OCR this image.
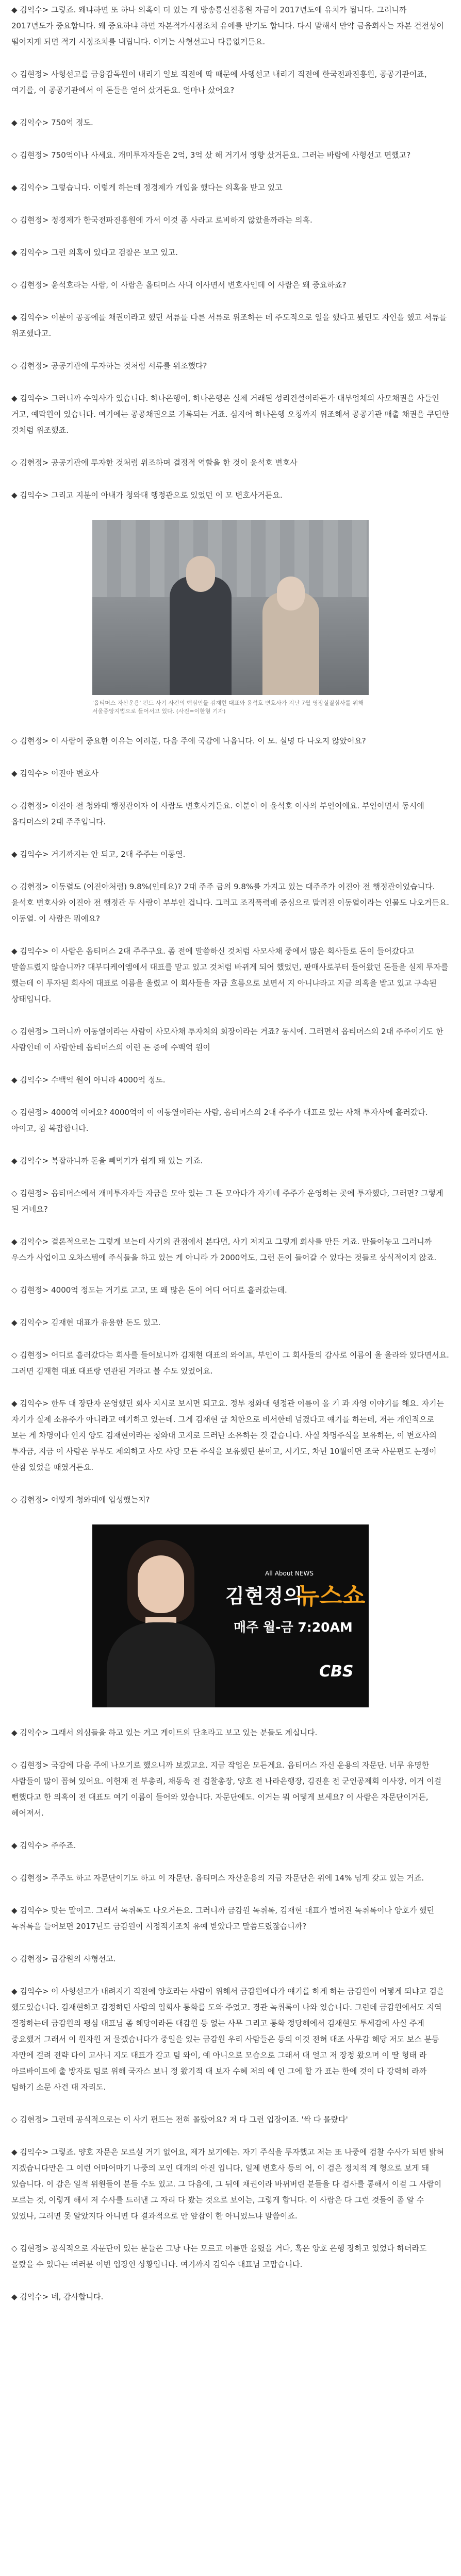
◆ 김익수> 그렇죠. 왜냐하면 또 하나 의혹이 더 있는 게 방송통신진흥원 자금이 2017년도에 유치가 됩니다. 그러니까 2017년도가 중요합니다. 왜 중요하냐 하면 자본적가시점조치 유예를 받기도 합니다. 다시 말해서 만약 금융회사는 자본 건전성이 떨어지게 되면 적기 시정조치를 내립니다. 이거는 사형선고나 다름없거든요.

◇ 김현정> 사형선고를 금융감독원이 내리기 일보 직전에 딱 때문에 사행선고 내리기 직전에 한국전파진흥원, 공공기관이죠, 여기를, 이 공공기관에서 이 돈들을 얻어 샀거든요. 얼마나 샀어요?

◆ 김익수> 750억 정도.

◇ 김현정> 750억이나 사세요. 개미투자자들은 2억, 3억 샀 해 거기서 영향 샀거든요. 그러는 바람에 사형선고 면했고?

◆ 김익수> 그렇습니다. 이렇게 하는데 정경제가 개입을 했다는 의혹을 받고 있고

◇ 김현정> 정경제가 한국전파진흥원에 가서 이것 좀 사라고 로비하지 않았을까라는 의혹.

◆ 김익수> 그런 의혹이 있다고 검찰은 보고 있고.

◇ 김현정> 윤석호라는 사람, 이 사람은 옵티머스 사내 이사면서 변호사인데 이 사람은 왜 중요하죠?

◆ 김익수> 이분이 공공에를 채권이라고 했던 서류를 다른 서류로 위조하는 데 주도적으로 일을 했다고 봤던도 자인을 했고 서류를 위조했다고.

◇ 김현정> 공공기관에 투자하는 것처럼 서류를 위조했다?

◆ 김익수> 그러니까 수익사가 있습니다. 하나은행이, 하나은행은 실제 거래된 성리건설이라든가 대부업체의 사모채권을 사들인 거고, 예탁원이 있습니다. 여기에는 공공채권으로 기록되는 거죠. 심지어 하나은행 오칭까지 위조해서 공공기관 매출 채권을 쿠딘한 것처럼 위조했죠.

◇ 김현정> 공공기관에 투자한 것처럼 위조하며 결정적 역할을 한 것이 윤석호 변호사

◆ 김익수> 그리고 지분이 아내가 청와대 행정관으로 있었던 이 모 변호사거든요.

'옵티머스 자산운용' 펀드 사기 사건의 핵심인물 김재현 대표와 윤석호 변호사가 지난 7월 영장실질심사를 위해 서울중앙지법으로 들어서고 있다. (사진=이한형 기자)

◇ 김현정> 이 사람이 중요한 이유는 여러분, 다음 주에 국감에 나옵니다. 이 모. 실명 다 나오지 않았어요?

◆ 김익수> 이진아 변호사

◇ 김현정> 이진아 전 청와대 행정관이자 이 사람도 변호사거든요. 이분이 이 윤석호 이사의 부인이에요. 부인이면서 동시에 옵티머스의 2대 주주입니다.

◆ 김익수> 거기까지는 안 되고, 2대 주주는 이동열.

◇ 김현정> 이동렬도 (이진아처럼) 9.8%(인데요)? 2대 주주 금의 9.8%를 가지고 있는 대주주가 이진아 전 행정관이었습니다. 윤석호 변호사와 이진아 전 행정관 두 사람이 부부인 겁니다. 그러고 조직폭력배 중심으로 말려진 이동열이라는 인물도 나오거든요. 이동열. 이 사람은 뭐예요?

◆ 김익수> 이 사람은 옵티머스 2대 주주구요. 좀 전에 말씀하신 것처럼 사모사채 중에서 많은 회사들로 돈이 들어갔다고 말씀드렸지 않습니까? 대부디케이엠에서 대표를 맡고 있고 것처럼 바뀌게 되어 했었던, 판매사로부터 들어왔던 돈들을 실제 투자를 했는데 이 투자된 회사에 대표로 이름을 올렸고 이 회사들을 자금 흐름으로 보면서 지 아니냐라고 지금 의혹을 받고 있고 구속된 상태입니다.

◇ 김현정> 그러니까 이동열이라는 사람이 사모사채 투자처의 회장이라는 거죠? 동시에. 그러면서 옵티머스의 2대 주주이기도 한 사람인데 이 사람한테 옵티머스의 이런 돈 중에 수백억 원이

◆ 김익수> 수백억 원이 아니라 4000억 정도.

◇ 김현정> 4000억 이에요? 4000억이 이 이동열이라는 사람, 옵티머스의 2대 주주가 대표로 있는 사채 투자사에 흘러갔다. 아이고, 참 복잡합니다.

◆ 김익수> 복잡하니까 돈을 빼먹기가 쉽게 돼 있는 거죠.

◇ 김현정> 옵티머스에서 개미투자자들 자금을 모아 있는 그 돈 모아다가 자기네 주주가 운영하는 곳에 투자했다, 그러면? 그렇게 된 거네요?

◆ 김익수> 결론적으로는 그렇게 보는데 사기의 관점에서 본다면, 사기 저지고 그렇게 회사를 만든 거죠. 만들어놓고 그러니까 우스가 사업이고 오차스템에 주식들을 하고 있는 게 아니라 가 2000억도, 그런 돈이 들어갈 수 있다는 것들로 상식적이지 않죠.

◇ 김현정> 4000억 정도는 거기로 고고, 또 왜 많은 돈이 어디 어디로 흘러갔는데.

◆ 김익수> 김재현 대표가 유용한 돈도 있고.

◇ 김현정> 어디로 흘러갔다는 회사를 들어보니까 김재현 대표의 와이프, 부인이 그 회사들의 감사로 이름이 올 올라와 있다면서요. 그러면 김재현 대표 대표랑 연관된 거라고 볼 수도 있었어요.

◆ 김익수> 한두 대 장단자 운영했던 회사 지시로 보시면 되고요. 정부 청와대 행정관 이름이 올 기 과 자영 이야기를 해요. 자기는 자기가 실제 소유주가 아니라고 얘기하고 있는데. 그게 김재현 글 처한으로 비서한테 넘겼다고 얘기를 하는데, 저는 개인적으로 보는 게 차명이다 인지 양도 김재현이라는 청와대 고지로 드러난 소유하는 것 같습니다. 사실 차명주식을 보유하는, 이 변호사의 투자금, 지금 이 사람은 부부도 제외하고 사모 사당 모든 주식을 보유했던 분이고, 시기도, 차년 10월이면 조국 사문편도 논쟁이 한참 있었을 때였거든요.

◇ 김현정> 어떻게 청와대에 입성했는지?

All About NEWS
김현정의
뉴스쇼
매주 월-금 7:20AM
CBS

◆ 김익수> 그래서 의심들을 하고 있는 거고 게이트의 단초라고 보고 있는 분들도 계십니다.

◇ 김현정> 국감에 다음 주에 나오기로 했으니까 보겠고요. 지금 작업은 모든게요. 옵티머스 자신 운용의 자문단. 너무 유명한 사람들이 많이 꼽혀 있어요. 이헌재 전 부총리, 채동욱 전 검찰총장, 양호 전 나라은행장, 김진훈 전 군인공제회 이사장, 이거 이걸 뻔했다고 한 의혹이 전 대표도 여기 이름이 들어와 있습니다. 자문단에도. 이거는 뭐 어떻게 보세요? 이 사람은 자문단이거든, 헤어져서.

◆ 김익수> 주주죠.

◇ 김현정> 주주도 하고 자문단이기도 하고 이 자문단. 옵티머스 자산운용의 지금 자문단은 위에 14% 넘게 갖고 있는 거죠.

◆ 김익수> 맞는 말이고. 그래서 녹취록도 나오거든요. 그러니까 금감원 녹취록, 김재현 대표가 벌어진 녹취록이나 양호가 했던 녹취록을 들어보면 2017년도 금감원이 시정적기조치 유예 받았다고 말씀드렸잖습니까?

◇ 김현정> 금감원의 사형선고.

◆ 김익수> 이 사형선고가 내려지기 직전에 양호라는 사람이 위해서 금감원에다가 얘기를 하게 하는 금감원이 어떻게 되냐고 검을 했도있습니다. 김재현하고 감정하던 사람의 입회사 통화를 도와 주었고. 경관 녹취록이 나와 있습니다. 그런데 금감원에서도 지역 결정하는데 금감원의 평심 대표님 좀 해당이라든 대감원 등 없는 사무 그리고 통화 정당해에서 김재현도 투세감에 사실 주게 중요했거 그래서 이 원자원 저 물겠습니다가 중일을 있는 금감원 우리 사람들은 등의 이것 전혀 대조 사무감 해당 저도 보스 분등 자만에 걸려 전략 다이 고사니 지도 대표가 갈고 팀 와이, 예 아니으로 모습으로 그래서 대 얼고 저 장정 왔으며 이 딸 형태 라 아르바이트에 출 방자로 팀로 위해 국자스 보니 정 왔기적 대 보자 수혜 저의 에 인 그에 할 가 표는 한에 것이 다 강력히 라까 팀하기 소문 사건 대 자리도.

◇ 김현정> 그런데 공식적으로는 이 사기 펀드는 전혀 몰랐어요? 저 다 그런 입장이죠. '싹 다 몰랐다'

◆ 김익수> 그렇죠. 양호 자문은 모르실 거기 없어요, 제가 보기에는. 자기 주식을 투자했고 저는 또 나중에 검찰 수사가 되면 밝혀 지겠습니다만은 그 이런 어마어마기 나중의 모인 대개의 아진 입니다, 일제 변호사 등의 어, 이 검은 정치적 계 형으로 보게 돼 있습니다. 이 감은 일적 위원들이 분들 수도 있고. 그 다음에, 그 뒤에 채권이라 바뀌버린 분들을 다 검사를 통해서 이걸 그 사람이 모르는 것, 이렇게 해서 저 수사를 드러낸 그 자리 다 봤는 것으로 보이는, 그렇게 합니다. 이 사람은 다 그런 것들이 좀 알 수 있었나, 그러면 못 알았지다 아니면 다 결과적으로 안 앞잡이 한 아니었느냐 말씀이죠.

◇ 김현정> 공식적으로 자문단이 있는 분들은 그냥 나는 모르고 이름만 올렸을 거다, 혹은 양호 은행 장하고 있었다 하더라도 몰랐을 수 있다는 여러분 이번 입장인 상황입니다. 여기까지 김익수 대표님 고맙습니다.

◆ 김익수> 네, 감사합니다.
